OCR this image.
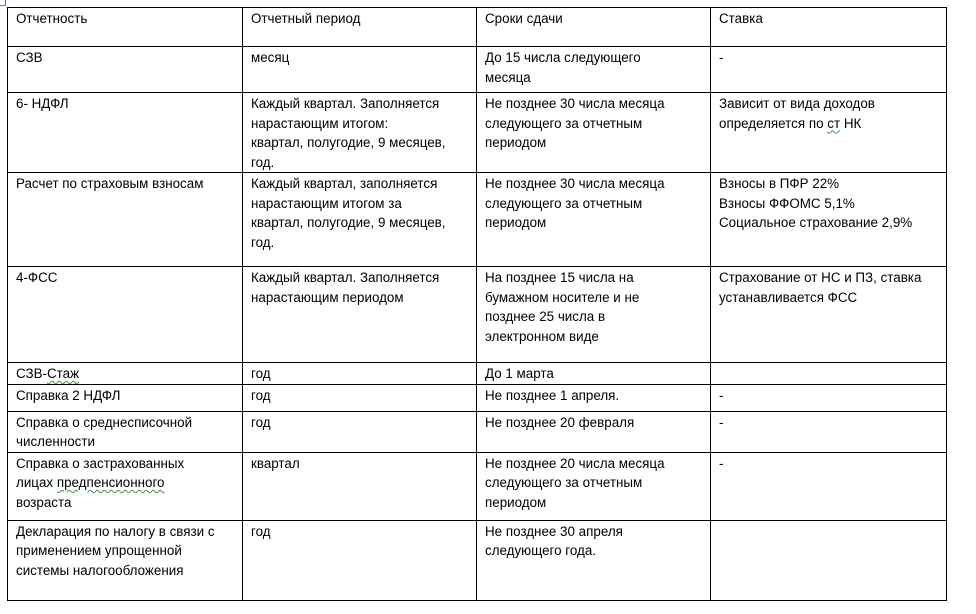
Отчетность	Отчетный период	Сроки сдачи	Ставка

СЗВ	месяц	До 15 числа следующего
месяца	-

6- НДФЛ	Каждый квартал. Заполняется
нарастающим итогом:
квартал, полугодие, 9 месяцев,
год.	Не позднее 30 числа месяца
следующего за отчетным
периодом	Зависит от вида доходов
определяется по ст НК

Расчет по страховым взносам	Каждый квартал, заполняется
нарастающим итогом за
квартал, полугодие, 9 месяцев,
год.	Не позднее 30 числа месяца
следующего за отчетным
периодом	Взносы в ПФР 22%
Взносы ФФОМС 5,1%
Социальное страхование 2,9%

4-ФСС	Каждый квартал. Заполняется
нарастающим периодом	На позднее 15 числа на
бумажном носителе и не
позднее 25 числа в
электронном виде	Страхование от НС и ПЗ, ставка
устанавливается ФСС

СЗВ-Стаж	год	До 1 марта	

Справка 2 НДФЛ	год	Не позднее 1 апреля.	-

Справка о среднесписочной
численности	год	Не позднее 20 февраля	-

Справка о застрахованных
лицах предпенсионного
возраста	квартал	Не позднее 20 числа месяца
следующего за отчетным
периодом	-

Декларация по налогу в связи с
применением упрощенной
системы налогообложения	год	Не позднее 30 апреля
следующего года.	
